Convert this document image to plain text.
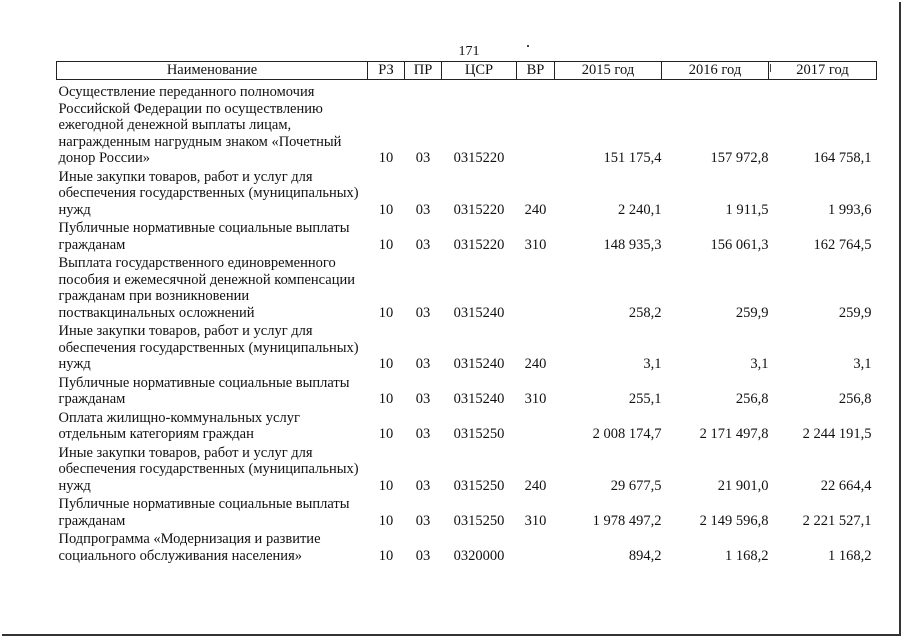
171
Наименование	РЗ	ПР	ЦСР	ВР	2015 год	2016 год	2017 год
Осуществление переданного полномочия Российской Федерации по осуществлению ежегодной денежной выплаты лицам, награжденным нагрудным знаком «Почетный донор России»	10	03	0315220		151 175,4	157 972,8	164 758,1
Иные закупки товаров, работ и услуг для обеспечения государственных (муниципальных) нужд	10	03	0315220	240	2 240,1	1 911,5	1 993,6
Публичные нормативные социальные выплаты гражданам	10	03	0315220	310	148 935,3	156 061,3	162 764,5
Выплата государственного единовременного пособия и ежемесячной денежной компенсации гражданам при возникновении поствакцинальных осложнений	10	03	0315240		258,2	259,9	259,9
Иные закупки товаров, работ и услуг для обеспечения государственных (муниципальных) нужд	10	03	0315240	240	3,1	3,1	3,1
Публичные нормативные социальные выплаты гражданам	10	03	0315240	310	255,1	256,8	256,8
Оплата жилищно-коммунальных услуг отдельным категориям граждан	10	03	0315250		2 008 174,7	2 171 497,8	2 244 191,5
Иные закупки товаров, работ и услуг для обеспечения государственных (муниципальных) нужд	10	03	0315250	240	29 677,5	21 901,0	22 664,4
Публичные нормативные социальные выплаты гражданам	10	03	0315250	310	1 978 497,2	2 149 596,8	2 221 527,1
Подпрограмма «Модернизация и развитие социального обслуживания населения»	10	03	0320000		894,2	1 168,2	1 168,2
